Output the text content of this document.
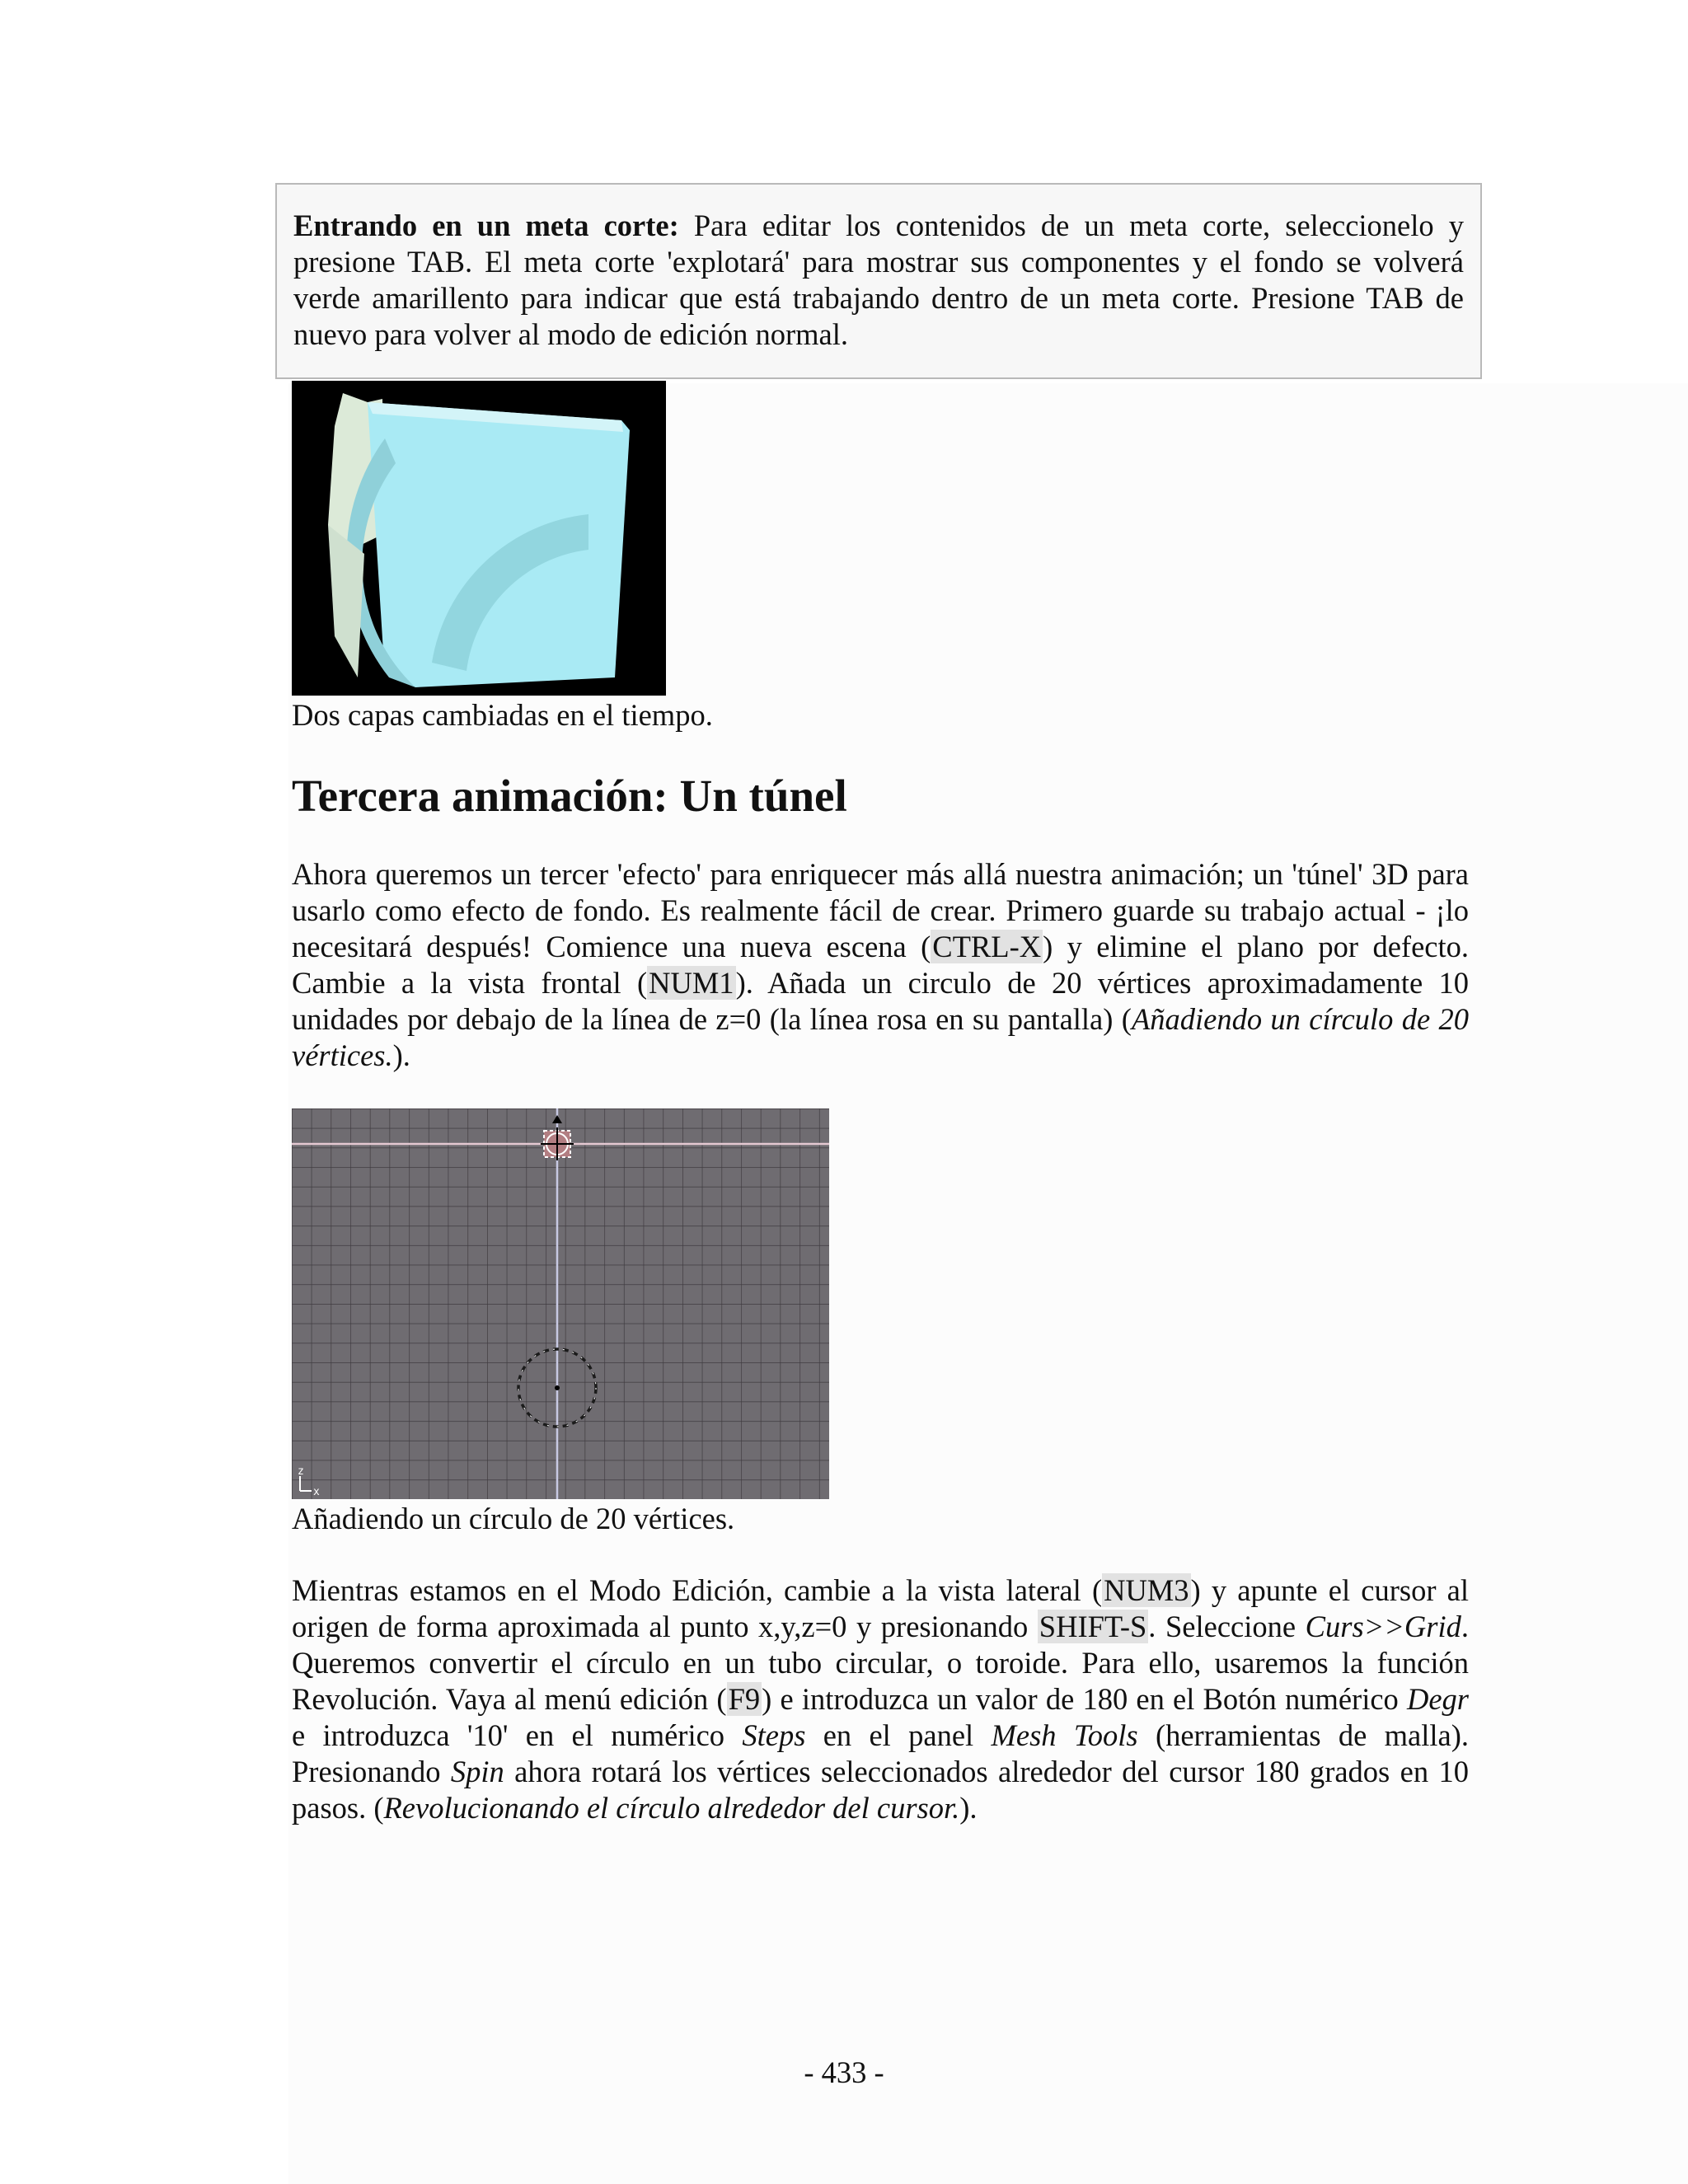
Entrando en un meta corte: Para editar los contenidos de un meta corte, seleccionelo y presione TAB. El meta corte 'explotará' para mostrar sus componentes y el fondo se volverá verde amarillento para indicar que está trabajando dentro de un meta corte. Presione TAB de nuevo para volver al modo de edición normal.

Dos capas cambiadas en el tiempo.

Tercera animación: Un túnel

Ahora queremos un tercer 'efecto' para enriquecer más allá nuestra animación; un 'túnel' 3D para usarlo como efecto de fondo. Es realmente fácil de crear. Primero guarde su trabajo actual - ¡lo necesitará después! Comience una nueva escena (CTRL-X) y elimine el plano por defecto. Cambie a la vista frontal (NUM1). Añada un circulo de 20 vértices aproximadamente 10 unidades por debajo de la línea de z=0 (la línea rosa en su pantalla) (Añadiendo un círculo de 20 vértices.).

z
x

Añadiendo un círculo de 20 vértices.

Mientras estamos en el Modo Edición, cambie a la vista lateral (NUM3) y apunte el cursor al origen de forma aproximada al punto x,y,z=0 y presionando SHIFT-S. Seleccione Curs>>Grid. Queremos convertir el círculo en un tubo circular, o toroide. Para ello, usaremos la función Revolución. Vaya al menú edición (F9) e introduzca un valor de 180 en el Botón numérico Degr e introduzca '10' en el numérico Steps en el panel Mesh Tools (herramientas de malla). Presionando Spin ahora rotará los vértices seleccionados alrededor del cursor 180 grados en 10 pasos. (Revolucionando el círculo alrededor del cursor.).

- 433 -
